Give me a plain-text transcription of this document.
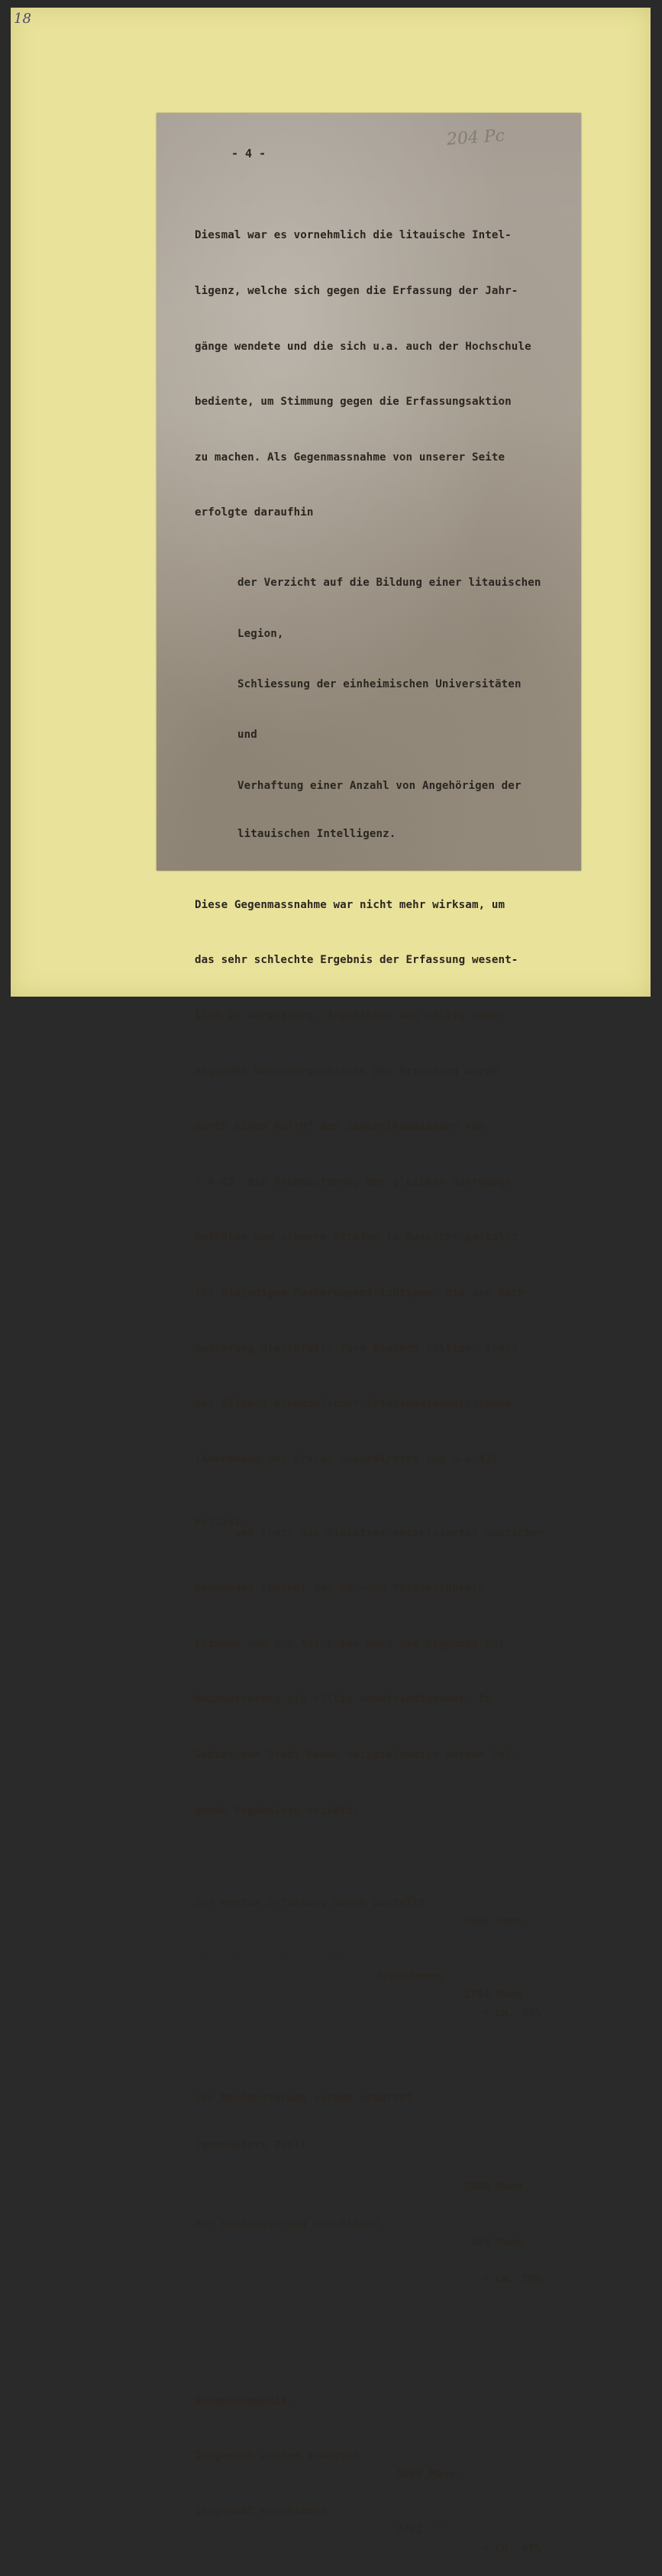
18
204 Pc
- 4 -

Diesmal war es vornehmlich die litauische Intel-

ligenz, welche sich gegen die Erfassung der Jahr-

gänge wendete und die sich u.a. auch der Hochschule

bediente, um Stimmung gegen die Erfassungsaktion

zu machen. Als Gegenmassnahme von unserer Seite

erfolgte daraufhin

der Verzicht auf die Bildung einer litauischen

Legion,

Schliessung der einheimischen Universitäten

und

Verhaftung einer Anzahl von Angehörigen der

litauischen Intelligenz.

Diese Gegenmassnahme war nicht mehr wirksam, um

das sehr schlechte Ergebnis der Erfassung wesent-

lich zu verbessern. Angesichts des völlig unge-

nügenden Gesamtergebnisses der Erfassung wurde

durch einen Aufruf des Generalkommissars vom

6.4.43  die Nachmusterung der gleichen Jahrgänge

befohlen und schwere Strafen in Aussicht gestellt

für diejenigen Musterungspflichtigen, die der Nach-

musterung gleichfalls fern bleiben sollten. Trotz

der Bildung einheimischer Erfassungskommissionen

(Anordnung des Ersten Generalrates vom 6.4.43)

und trotz des Einsatzes motorisierter deutscher

Polizei-

kommandos (Befehl des SS.-und Polizeiführers

Litauen vom 6.5.43) blieb auch das Ergebnis der

Nachmusterung ein völlig unbefriedigendes. Im

Gebiet der Stadt Kauen beispielsweise wurden fol-

gende Ergebnisse erzielt:

Zur ersten Erfassung waren bestellt

2800 Mann,

"    "      "       "

erschienen

1794 Mann

= ca. 65%,

zur Nachmusterung wurden erwartet

(geschätzte Zahl)

3000 Mann,

zur Nachmusterung erschienen

928 Mann

= ca. 30%.

Gesamtergebnis:

Insgesamt wurden erwartet

5800 Mann,

insgesamt erschienen

2722  "

= ca. 47%.
